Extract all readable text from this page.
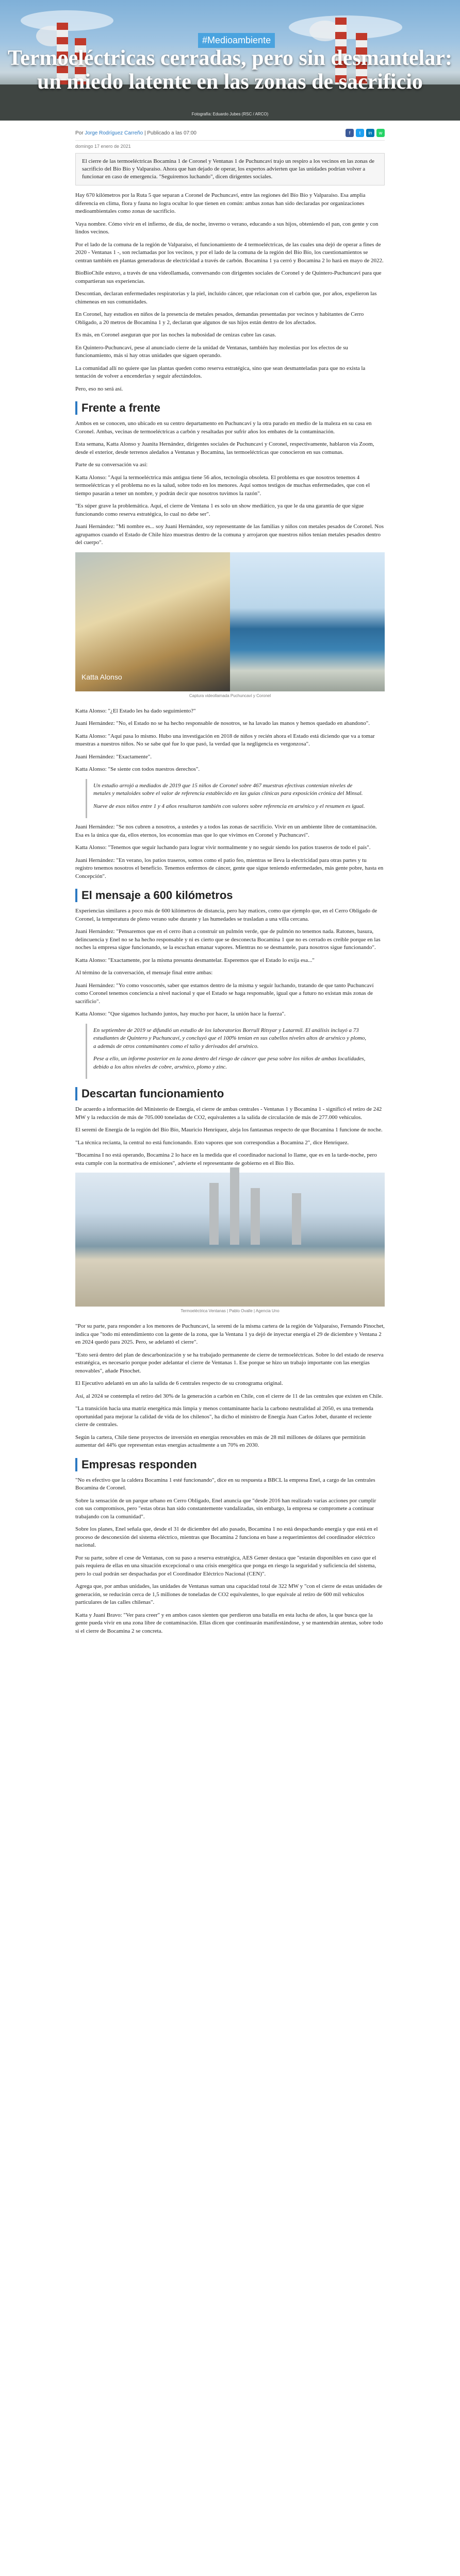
#Medioambiente
Termoeléctricas cerradas, pero sin desmantelar: un miedo latente en las zonas de sacrificio
Fotografía: Eduardo Jubes (RSC / ARCO)
Por Jorge Rodríguez Carreño | Publicado a las 07:00	f	t	in	w
domingo 17 enero de 2021
El cierre de las termoeléctricas Bocamina 1 de Coronel y Ventanas 1 de Puchuncaví trajo un respiro a los vecinos en las zonas de sacrificio del Bío Bío y Valparaíso. Ahora que han dejado de operar, los expertos advierten que las unidades podrían volver a funcionar en caso de emergencia. "Seguiremos luchando", dicen dirigentes sociales.

Hay 670 kilómetros por la Ruta 5 que separan a Coronel de Puchuncaví, entre las regiones del Bío Bío y Valparaíso. Esa amplia diferencia en clima, flora y fauna no logra ocultar lo que tienen en común: ambas zonas han sido declaradas por organizaciones medioambientales como zonas de sacrificio.

Vaya nombre. Cómo vivir en el infierno, de día, de noche, inverno o verano, educando a sus hijos, obteniendo el pan, con gente y con lindos vecinos.

Por el lado de la comuna de la región de Valparaíso, el funcionamiento de 4 termoeléctricas, de las cuales una dejó de operar a fines de 2020 - Ventanas 1 -, son reclamadas por los vecinos, y por el lado de la comuna de la región del Bío Bío, los cuestionamientos se centran también en plantas generadoras de electricidad a través de carbón. Bocamina 1 ya cerró y Bocamina 2 lo hará en mayo de 2022.

BioBioChile estuvo, a través de una videollamada, conversando con dirigentes sociales de Coronel y de Quintero-Puchuncaví para que compartieran sus experiencias.

Descontian, declaran enfermedades respiratorias y la piel, incluido cáncer, que relacionan con el carbón que, por años, expelieron las chimeneas en sus comunidades.

En Coronel, hay estudios en niños de la presencia de metales pesados, demandas presentadas por vecinos y habitantes de Cerro Obligado, a 20 metros de Bocamina 1 y 2, declaran que algunos de sus hijos están dentro de los afectados.

Es más, en Coronel aseguran que por las noches la nubosidad de cenizas cubre las casas.

En Quintero-Puchuncaví, pese al anunciado cierre de la unidad de Ventanas, también hay molestias por los efectos de su funcionamiento, más si hay otras unidades que siguen operando.

La comunidad allí no quiere que las plantas queden como reserva estratégica, sino que sean desmanteladas para que no exista la tentación de volver a encenderlas y seguir afectándolos.

Pero, eso no será así.

Frente a frente

Ambos en se conocen, uno ubicado en su centro departamento en Puchuncaví y la otra parado en medio de la maleza en su casa en Coronel. Ambas, vecinas de termoeléctricas a carbón y resaltadas por sufrir años los embates de la contaminación.

Esta semana, Katta Alonso y Juanita Hernández, dirigentes sociales de Puchuncaví y Coronel, respectivamente, hablaron vía Zoom, desde el exterior, desde terrenos aledaños a Ventanas y Bocamina, las termoeléctricas que conocieron en sus comunas.

Parte de su conversación va así:

Katta Alonso: "Aquí la termoeléctrica más antigua tiene 56 años, tecnología obsoleta. El problema es que nosotros tenemos 4 termoeléctricas y el problema no es la salud, sobre todo en los menores. Aquí somos testigos de muchas enfermedades, que con el tiempo pasarán a tener un nombre, y podrán decir que nosotros tuvimos la razón".

"Es súper grave la problemática. Aquí, el cierre de Ventana 1 es solo un show mediático, ya que le da una garantía de que sigue funcionando como reserva estratégica, lo cual no debe ser".

Juani Hernández: "Mi nombre es... soy Juani Hernández, soy representante de las familias y niños con metales pesados de Coronel. Nos agrupamos cuando el Estado de Chile hizo muestras dentro de la comuna y arrojaron que nuestros niños tenían metales pesados dentro del cuerpo".

Katta Alonso
Captura videollamada Puchuncaví y Coronel

Katta Alonso: "¿El Estado les ha dado seguimiento?"

Juani Hernández: "No, el Estado no se ha hecho responsable de nosotros, se ha lavado las manos y hemos quedado en abandono".

Katta Alonso: "Aquí pasa lo mismo. Hubo una investigación en 2018 de niños y recién ahora el Estado está diciendo que va a tomar muestras a nuestros niños. No se sabe qué fue lo que pasó, la verdad que la negligencia es vergonzosa".

Juani Hernández: "Exactamente".

Katta Alonso: "Se siente con todos nuestros derechos".

Un estudio arrojó a mediados de 2019 que 15 niños de Coronel sobre 467 muestras efectivas contenían niveles de metales y metaloides sobre el valor de referencia establecido en las guías clínicas para exposición crónica del Minsal.

Nueve de esos niños entre 1 y 4 años resultaron también con valores sobre referencia en arsénico y el resumen es igual.

Juani Hernández: "Se nos cubren a nosotros, a ustedes y a todos las zonas de sacrificio. Vivir en un ambiente libre de contaminación. Esa es la única que da, ellos eternos, los economías mas que lo que vivimos en Coronel y Puchuncaví".

Katta Alonso: "Tenemos que seguir luchando para lograr vivir normalmente y no seguir siendo los patios traseros de todo el país".

Juani Hernández: "En verano, los patios traseros, somos como el patio feo, mientras se lleva la electricidad para otras partes y tu registro tenemos nosotros el beneficio. Tenemos enfermos de cáncer, gente que sigue teniendo enfermedades, más gente pobre, hasta en Concepción".

El mensaje a 600 kilómetros

Experiencias similares a poco más de 600 kilómetros de distancia, pero hay matices, como que ejemplo que, en el Cerro Obligado de Coronel, la temperatura de pleno verano sube durante y las humedades se trasladan a una villa cercana.

Juani Hernández: "Pensaremos que en el cerro iban a construir un pulmón verde, que de pulmón no tenemos nada. Ratones, basura, delincuencia y Enel no se ha hecho responsable y ni es cierto que se desconecta Bocamina 1 que no es cerrado es creíble porque en las noches la empresa sigue funcionando, se la escuchan emanar vapores. Mientras no se desmantele, para nosotros sigue funcionando".

Katta Alonso: "Exactamente, por la misma presunta desmantelar. Esperemos que el Estado lo exija esa..."

Al término de la conversación, el mensaje final entre ambas:

Juani Hernández: "Yo como vosocortés, saber que estamos dentro de la misma y seguir luchando, tratando de que tanto Puchuncaví como Coronel tenemos conciencia a nivel nacional y que el Estado se haga responsable, igual que a futuro no existan más zonas de sacrificio".

Katta Alonso: "Que sigamos luchando juntos, hay mucho por hacer, la unión hace la fuerza".

En septiembre de 2019 se difundió un estudio de los laboratorios Borrull Ritsyar y Latarmil. El análisis incluyó a 73 estudiantes de Quintero y Puchuncaví, y concluyó que el 100% tenían en sus cabellos niveles altos de arsénico y plomo, a además de otros contaminantes como el talio y derivados del arsénico.

Pese a ello, un informe posterior en la zona dentro del riesgo de cáncer que pesa sobre los niños de ambas localidades, debido a los altos niveles de cobre, arsénico, plomo y zinc.

Descartan funcionamiento

De acuerdo a información del Ministerio de Energía, el cierre de ambas centrales - Ventanas 1 y Bocamina 1 - significó el retiro de 242 MW y la reducción de más de 705.000 toneladas de CO2, equivalentes a la salida de circulación de más de 277.000 vehículos.

El seremi de Energía de la región del Bío Bío, Mauricio Henríquez, aleja los fantasmas respecto de que Bocamina 1 funcione de noche.

"La técnica recianta, la central no está funcionando. Esto vapores que son correspondías a Bocamina 2", dice Henríquez.

"Bocamina I no está operando, Bocamina 2 lo hace en la medida que el coordinador nacional lo llame, que es en la tarde-noche, pero esta cumple con la normativa de emisiones", advierte el representante de gobierno en el Bío Bío.

Termoeléctrica Ventanas | Pablo Ovalle | Agencia Uno

"Por su parte, para responder a los menores de Puchuncaví, la seremi de la misma cartera de la región de Valparaíso, Fernando Pinochet, indica que "todo mi entendimiento con la gente de la zona, que la Ventana 1 ya dejó de inyectar energía el 29 de diciembre y Ventana 2 en 2024 quedó para 2025. Pero, se adelantó el cierre".

"Esto será dentro del plan de descarbonización y se ha trabajado permanente de cierre de termoeléctricas. Sobre lo del estado de reserva estratégica, es necesario porque poder adelantar el cierre de Ventanas 1. Ese porque se hizo un trabajo importante con las energías renovables", añade Pinochet.

El Ejecutivo adelantó en un año la salida de 6 centrales respecto de su cronograma original.

Así, al 2024 se contempla el retiro del 30% de la generación a carbón en Chile, con el cierre de 11 de las centrales que existen en Chile.

"La transición hacia una matriz energética más limpia y menos contaminante hacia la carbono neutralidad al 2050, es una tremenda oportunidad para mejorar la calidad de vida de los chilenos", ha dicho el ministro de Energía Juan Carlos Jobet, durante el reciente cierre de centrales.

Según la cartera, Chile tiene proyectos de inversión en energías renovables en más de 28 mil millones de dólares que permitirán aumentar del 44% que representan estas energías actualmente a un 70% en 2030.

Empresas responden

"No es efectivo que la caldera Bocamina 1 esté funcionando", dice en su respuesta a BBCL la empresa Enel, a cargo de las centrales Bocamina de Coronel.

Sobre la sensación de un parque urbano en Cerro Obligado, Enel anuncia que "desde 2016 han realizado varias acciones por cumplir con sus compromisos, pero "estas obras han sido constantemente vandalizadas, sin embargo, la empresa se compromete a continuar trabajando con la comunidad".

Sobre los planes, Enel señala que, desde el 31 de diciembre del año pasado, Bocamina 1 no está despachando energía y que está en el proceso de desconexión del sistema eléctrico, mientras que Bocamina 2 funciona en base a requerimientos del coordinador eléctrico nacional.

Por su parte, sobre el cese de Ventanas, con su paso a reserva estratégica, AES Gener destaca que "estarán disponibles en caso que el país requiera de ellas en una situación excepcional o una crisis energética que ponga en riesgo la seguridad y suficiencia del sistema, pero lo cual podrán ser despachadas por el Coordinador Eléctrico Nacional (CEN)".

Agrega que, por ambas unidades, las unidades de Ventanas suman una capacidad total de 322 MW y "con el cierre de estas unidades de generación, se reducirán cerca de 1,5 millones de toneladas de CO2 equivalentes, lo que equivale al retiro de 600 mil vehículos particulares de las calles chilenas".

Katta y Juani Bravo: "Ver para creer" y en ambos casos sienten que perdieron una batalla en esta lucha de años, la que busca que la gente pueda vivir en una zona libre de contaminación. Ellas dicen que continuarán manifestándose, y se mantendrán atentas, sobre todo si el cierre de Bocamina 2 se concreta.
